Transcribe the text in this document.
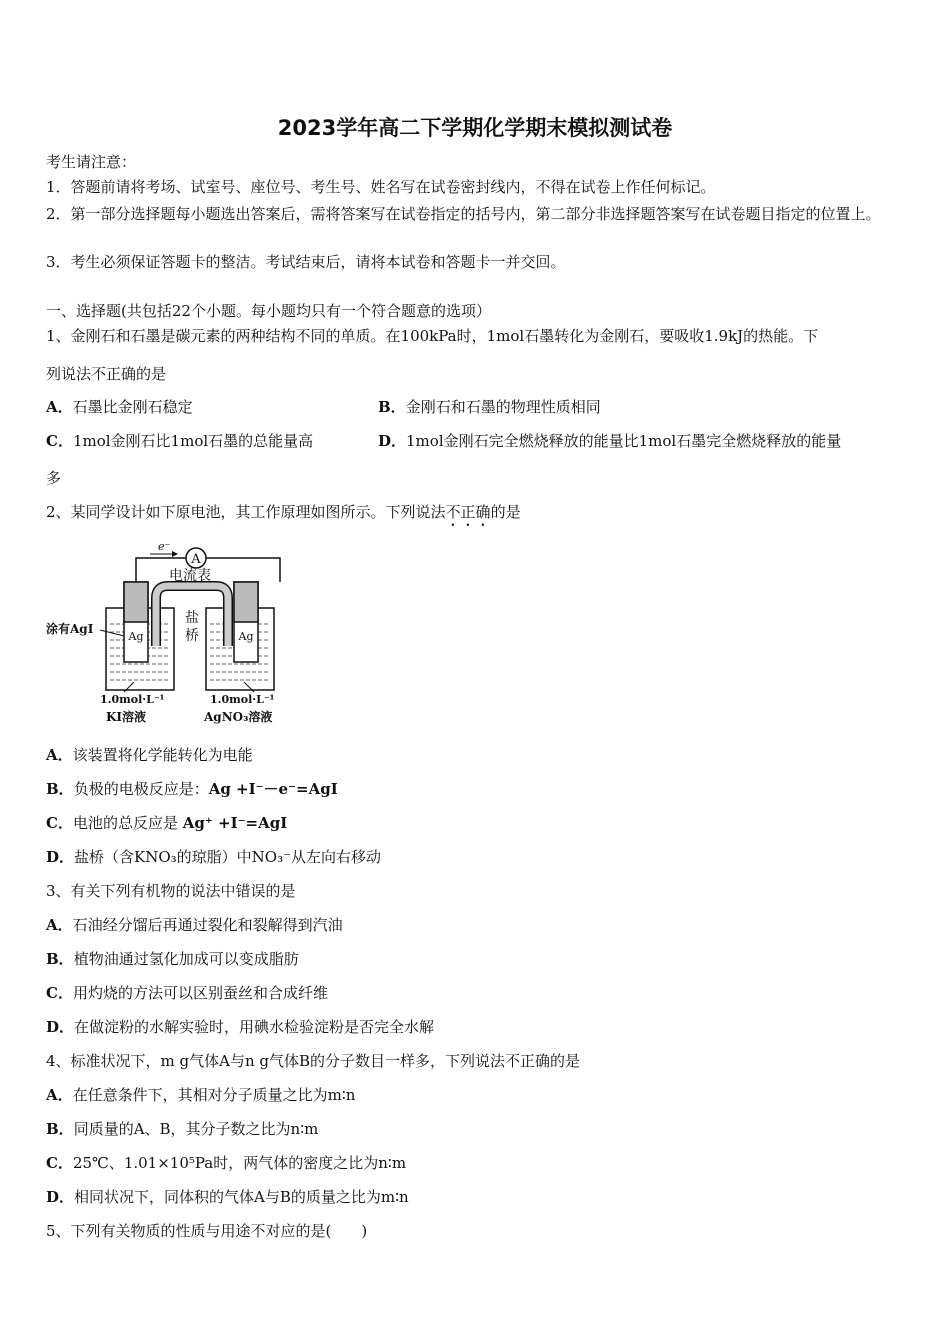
2023学年高二下学期化学期末模拟测试卷
考生请注意：
1．答题前请将考场、试室号、座位号、考生号、姓名写在试卷密封线内，不得在试卷上作任何标记。
2．第一部分选择题每小题选出答案后，需将答案写在试卷指定的括号内，第二部分非选择题答案写在试卷题目指定的位置上。
3．考生必须保证答题卡的整洁。考试结束后，请将本试卷和答题卡一并交回。
一、选择题(共包括22个小题。每小题均只有一个符合题意的选项）
1、金刚石和石墨是碳元素的两种结构不同的单质。在100kPa时，1mol石墨转化为金刚石，要吸收1.9kJ的热能。下
列说法不正确的是
A．石墨比金刚石稳定	B．金刚石和石墨的物理性质相同
C．1mol金刚石比1mol石墨的总能量高	D．1mol金刚石完全燃烧释放的能量比1mol石墨完全燃烧释放的能量
多
2、某同学设计如下原电池，其工作原理如图所示。下列说法不正确的是
A
e⁻
电流表
Ag
涂有AgI
Ag
盐桥
1.0mol·L⁻¹
KI溶液
1.0mol·L⁻¹
AgNO₃溶液
A．该装置将化学能转化为电能
B．负极的电极反应是：Ag +I⁻－e⁻=AgI
C．电池的总反应是 Ag⁺ +I⁻=AgI
D．盐桥（含KNO₃的琼脂）中NO₃⁻从左向右移动
3、有关下列有机物的说法中错误的是
A．石油经分馏后再通过裂化和裂解得到汽油
B．植物油通过氢化加成可以变成脂肪
C．用灼烧的方法可以区别蚕丝和合成纤维
D．在做淀粉的水解实验时，用碘水检验淀粉是否完全水解
4、标准状况下，m g气体A与n g气体B的分子数目一样多，下列说法不正确的是
A．在任意条件下，其相对分子质量之比为m∶n
B．同质量的A、B，其分子数之比为n∶m
C．25℃、1.01×10⁵Pa时，两气体的密度之比为n∶m
D．相同状况下，同体积的气体A与B的质量之比为m∶n
5、下列有关物质的性质与用途不对应的是(　　)
